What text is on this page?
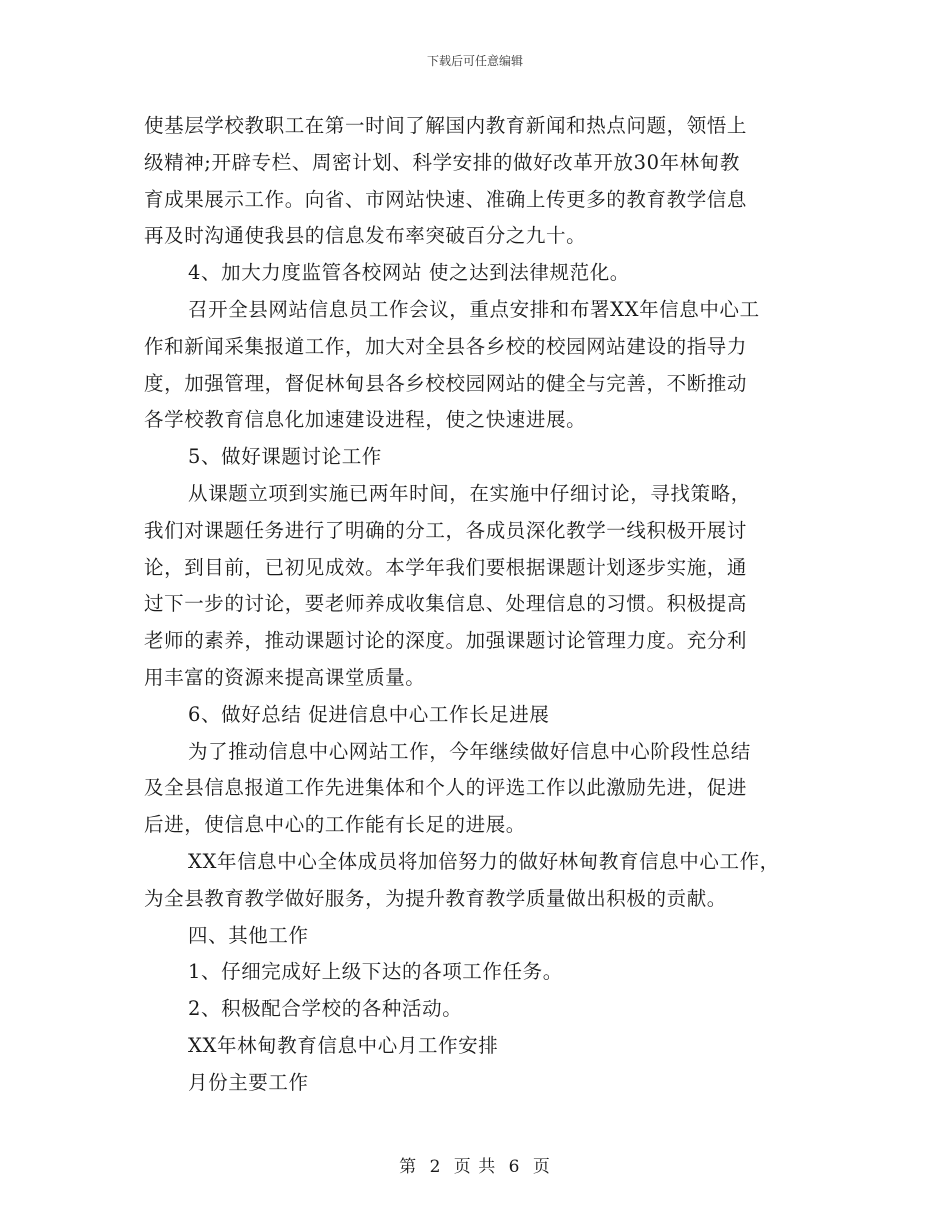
下载后可任意编辑
使基层学校教职工在第一时间了解国内教育新闻和热点问题，领悟上
级精神;开辟专栏、周密计划、科学安排的做好改革开放30年林甸教
育成果展示工作。向省、市网站快速、准确上传更多的教育教学信息
再及时沟通使我县的信息发布率突破百分之九十。
4、加大力度监管各校网站 使之达到法律规范化。
召开全县网站信息员工作会议，重点安排和布署XX年信息中心工
作和新闻采集报道工作，加大对全县各乡校的校园网站建设的指导力
度，加强管理，督促林甸县各乡校校园网站的健全与完善，不断推动
各学校教育信息化加速建设进程，使之快速进展。
5、做好课题讨论工作
从课题立项到实施已两年时间，在实施中仔细讨论，寻找策略，
我们对课题任务进行了明确的分工，各成员深化教学一线积极开展讨
论，到目前，已初见成效。本学年我们要根据课题计划逐步实施，通
过下一步的讨论，要老师养成收集信息、处理信息的习惯。积极提高
老师的素养，推动课题讨论的深度。加强课题讨论管理力度。充分利
用丰富的资源来提高课堂质量。
6、做好总结 促进信息中心工作长足进展
为了推动信息中心网站工作，今年继续做好信息中心阶段性总结
及全县信息报道工作先进集体和个人的评选工作以此激励先进，促进
后进，使信息中心的工作能有长足的进展。
XX年信息中心全体成员将加倍努力的做好林甸教育信息中心工作，
为全县教育教学做好服务，为提升教育教学质量做出积极的贡献。
四、其他工作
1、仔细完成好上级下达的各项工作任务。
2、积极配合学校的各种活动。
XX年林甸教育信息中心月工作安排
月份主要工作
第 2 页 共 6 页
